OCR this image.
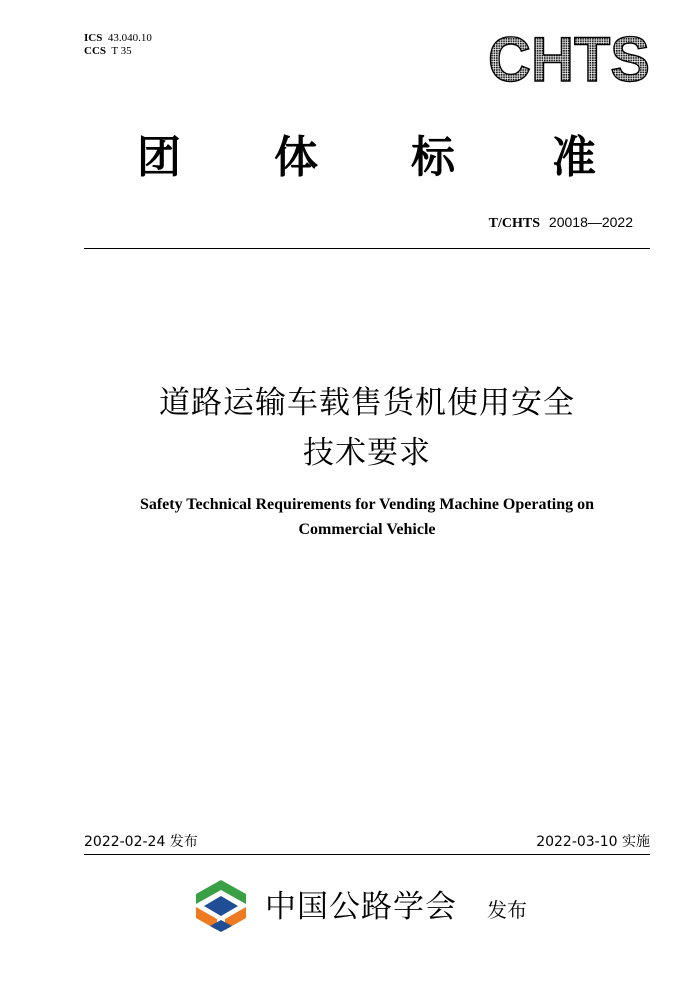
ICS 43.040.10
CCS T 35	CHTS
团 体 标 准
T/CHTS 20018—2022
道路运输车载售货机使用安全
技术要求
Safety Technical Requirements for Vending Machine Operating on
Commercial Vehicle
2022-02-24 发布	2022-03-10 实施
中国公路学会 发布
